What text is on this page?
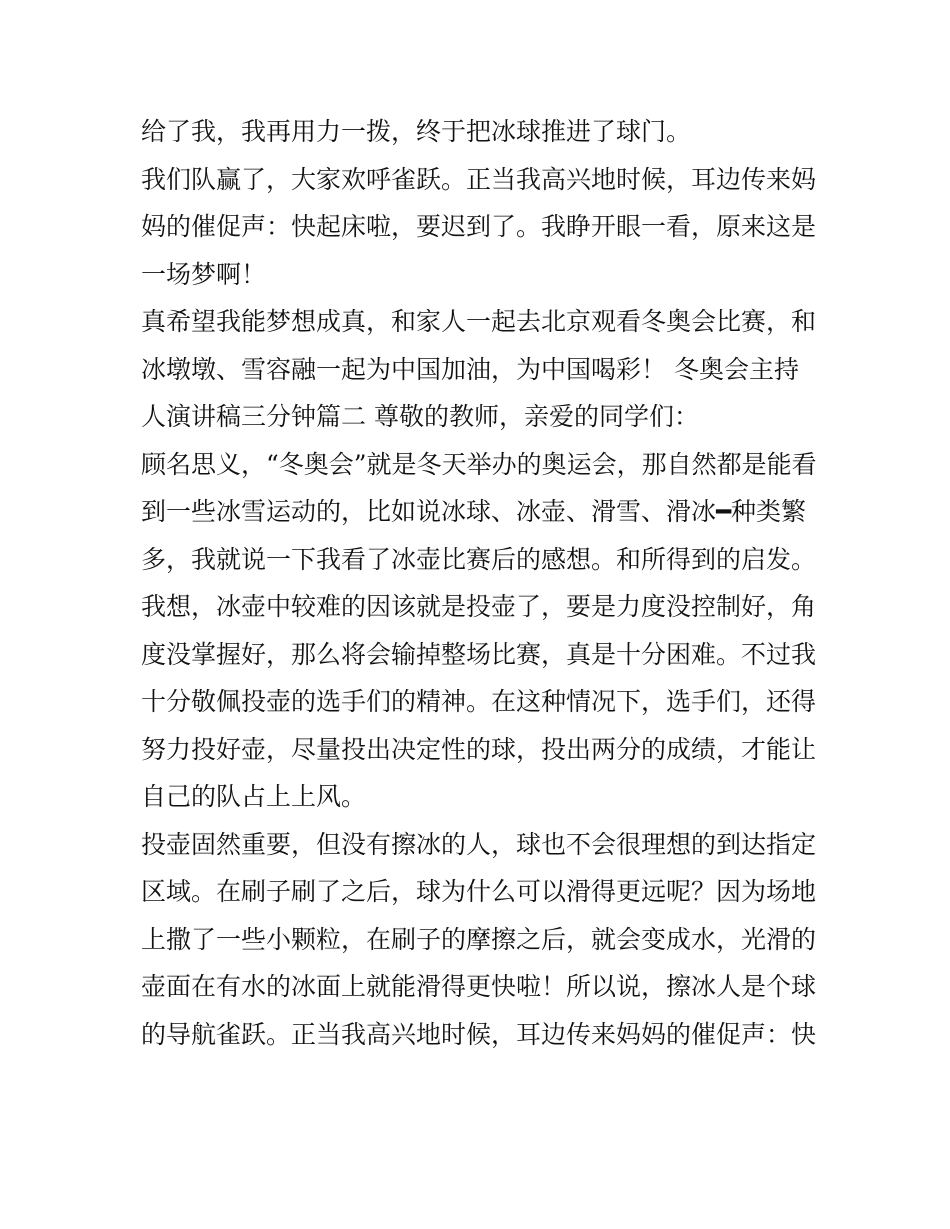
给了我，我再用力一拨，终于把冰球推进了球门。
我们队赢了，大家欢呼雀跃。正当我高兴地时候，耳边传来妈
妈的催促声：快起床啦，要迟到了。我睁开眼一看，原来这是
一场梦啊！
真希望我能梦想成真，和家人一起去北京观看冬奥会比赛，和
冰墩墩、雪容融一起为中国加油，为中国喝彩！ 冬奥会主持
人演讲稿三分钟篇二 尊敬的教师，亲爱的同学们：
顾名思义，“冬奥会”就是冬天举办的奥运会，那自然都是能看
到一些冰雪运动的，比如说冰球、冰壶、滑雪、滑冰━种类繁
多，我就说一下我看了冰壶比赛后的感想。和所得到的启发。
我想，冰壶中较难的因该就是投壶了，要是力度没控制好，角
度没掌握好，那么将会输掉整场比赛，真是十分困难。不过我
十分敬佩投壶的选手们的精神。在这种情况下，选手们，还得
努力投好壶，尽量投出决定性的球，投出两分的成绩，才能让
自己的队占上上风。
投壶固然重要，但没有擦冰的人，球也不会很理想的到达指定
区域。在刷子刷了之后，球为什么可以滑得更远呢？因为场地
上撒了一些小颗粒，在刷子的摩擦之后，就会变成水，光滑的
壶面在有水的冰面上就能滑得更快啦！所以说，擦冰人是个球
的导航雀跃。正当我高兴地时候，耳边传来妈妈的催促声：快
